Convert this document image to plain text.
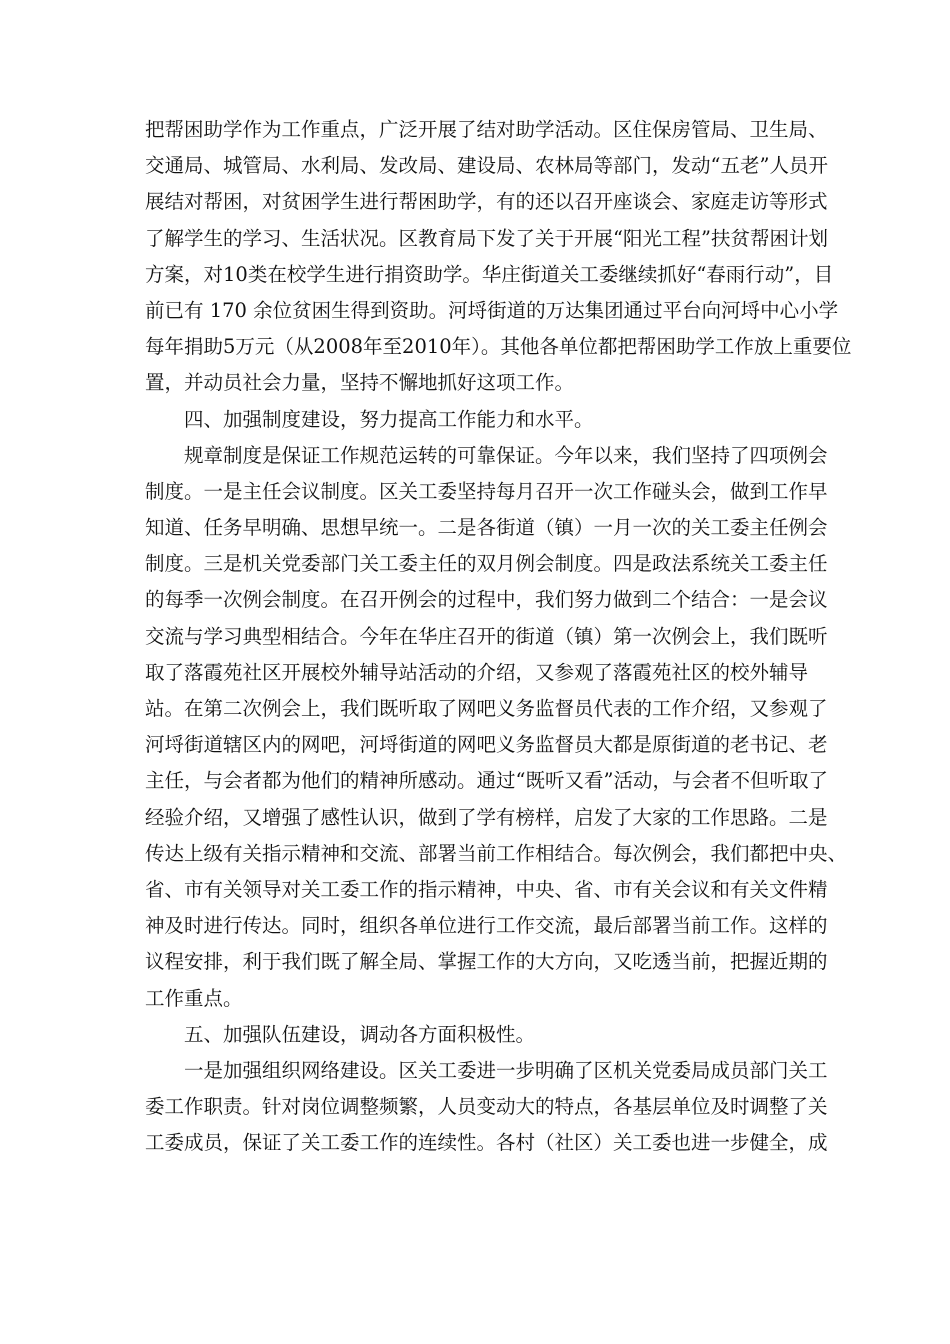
把帮困助学作为工作重点，广泛开展了结对助学活动。区住保房管局、卫生局、
交通局、城管局、水利局、发改局、建设局、农林局等部门，发动“五老”人员开
展结对帮困，对贫困学生进行帮困助学，有的还以召开座谈会、家庭走访等形式
了解学生的学习、生活状况。区教育局下发了关于开展“阳光工程”扶贫帮困计划
方案，对10类在校学生进行捐资助学。华庄街道关工委继续抓好“春雨行动”，目
前已有 170 余位贫困生得到资助。河埒街道的万达集团通过平台向河埒中心小学
每年捐助5万元（从2008年至2010年）。其他各单位都把帮困助学工作放上重要位
置，并动员社会力量，坚持不懈地抓好这项工作。
四、加强制度建设，努力提高工作能力和水平。
规章制度是保证工作规范运转的可靠保证。今年以来，我们坚持了四项例会
制度。一是主任会议制度。区关工委坚持每月召开一次工作碰头会，做到工作早
知道、任务早明确、思想早统一。二是各街道（镇）一月一次的关工委主任例会
制度。三是机关党委部门关工委主任的双月例会制度。四是政法系统关工委主任
的每季一次例会制度。在召开例会的过程中，我们努力做到二个结合：一是会议
交流与学习典型相结合。今年在华庄召开的街道（镇）第一次例会上，我们既听
取了落霞苑社区开展校外辅导站活动的介绍，又参观了落霞苑社区的校外辅导
站。在第二次例会上，我们既听取了网吧义务监督员代表的工作介绍，又参观了
河埒街道辖区内的网吧，河埒街道的网吧义务监督员大都是原街道的老书记、老
主任，与会者都为他们的精神所感动。通过“既听又看”活动，与会者不但听取了
经验介绍，又增强了感性认识，做到了学有榜样，启发了大家的工作思路。二是
传达上级有关指示精神和交流、部署当前工作相结合。每次例会，我们都把中央、
省、市有关领导对关工委工作的指示精神，中央、省、市有关会议和有关文件精
神及时进行传达。同时，组织各单位进行工作交流，最后部署当前工作。这样的
议程安排，利于我们既了解全局、掌握工作的大方向，又吃透当前，把握近期的
工作重点。
五、加强队伍建设，调动各方面积极性。
一是加强组织网络建设。区关工委进一步明确了区机关党委局成员部门关工
委工作职责。针对岗位调整频繁，人员变动大的特点，各基层单位及时调整了关
工委成员，保证了关工委工作的连续性。各村（社区）关工委也进一步健全，成
